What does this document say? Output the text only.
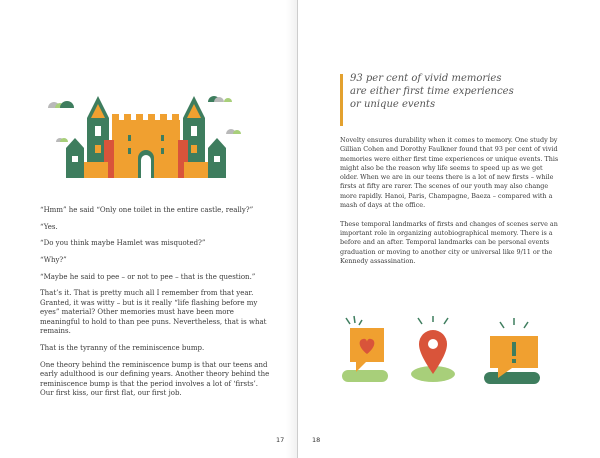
“Hmm” he said “Only one toilet in the entire castle, really?”

“Yes.

“Do you think maybe Hamlet was misquoted?”

“Why?”

“Maybe he said to pee – or not to pee – that is the question.”

That’s it. That is pretty much all I remember from that year. Granted, it was witty – but is it really “life flashing before my eyes” material? Other memories must have been more meaningful to hold to than pee puns. Nevertheless, that is what remains.

That is the tyranny of the reminiscence bump.

One theory behind the reminiscence bump is that our teens and early adulthood is our defining years. Another theory behind the reminiscence bump is that the period involves a lot of ‘firsts’. Our first kiss, our first flat, our first job.

17	18
93 per cent of vivid memories
are either first time experiences
or unique events

Novelty ensures durability when it comes to memory. One study by Gillian Cohen and Dorothy Faulkner found that 93 per cent of vivid memories were either first time experiences or unique events. This might also be the reason why life seems to speed up as we get older. When we are in our teens there is a lot of new firsts – while firsts at fifty are rarer. The scenes of our youth may also change more rapidly. Hanoi, Paris, Champagne, Baeza – compared with a mash of days at the office.

These temporal landmarks of firsts and changes of scenes serve an important role in organizing autobiographical memory. There is a before and an after. Temporal landmarks can be personal events graduation or moving to another city or universal like 9/11 or the Kennedy assassination.
